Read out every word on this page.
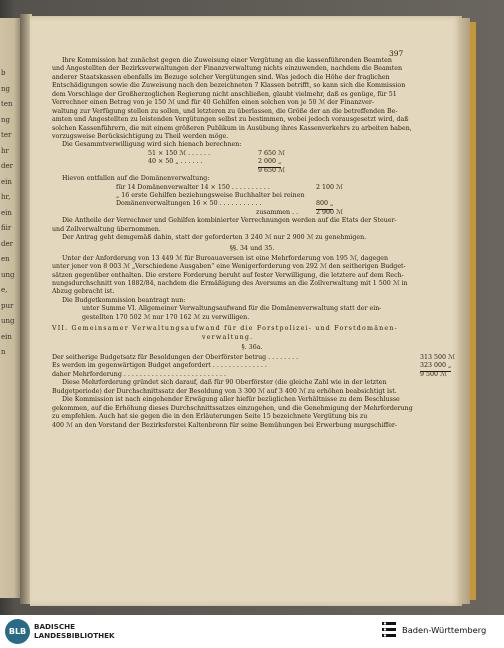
b
ng
ten
ng
ter
hr
der
ein
hr,
ein
fiir
der
en
ung
e,
pur
ung
ein
n
397
Ihre Kommission hat zunächst gegen die Zuweisung einer Vergütung an die kassenführenden Beamten
und Angestellten der Bezirksverwaltungen der Finanzverwaltung nichts einzuwenden, nachdem die Beamten
anderer Staatskassen ebenfalls im Bezuge solcher Vergütungen sind. Was jedoch die Höhe der fraglichen
Entschädigungen sowie die Zuweisung nach den bezeichneten 7 Klassen betrifft, so kann sich die Kommission
dem Vorschlage der Großherzoglichen Regierung nicht anschließen, glaubt vielmehr, daß es genüge, für 51
Verrechner einen Betrag von je 150 ℳ und für 40 Gehilfen einen solchen von je 50 ℳ der Finanzver-
waltung zur Verfügung stellen zu sollen, und letzteren zu überlassen, die Größe der an die betreffenden Be-
amten und Angestellten zu leistenden Vergütungen selbst zu bestimmen, wobei jedoch vorausgesetzt wird, daß
solchen Kassenführern, die mit einem größeren Publikum in Ausübung ihres Kassenverkehrs zu arbeiten haben,
vorzugsweise Berücksichtigung zu Theil werden möge.
Die Gesammtverwilligung wird sich hienach berechnen:
51 × 150 ℳ . . . . . .	7 650 ℳ
40 × 50 „ . . . . . .	2 000 „
9 650 ℳ
Hievon entfallen auf die Domänenverwaltung:
für 14 Domänenverwalter 14 × 150 . . . . . . . . . .	2 100 ℳ
„ 16 erste Gehilfen beziehungsweise Buchhalter bei reinen
Domänenverwaltungen 16 × 50 . . . . . . . . . . .	800 „
zusammen . .	2 900 ℳ
Die Antheile der Verrechner und Gehilfen kombinierter Verrechnungen werden auf die Etats der Steuer-
und Zollverwaltung übernommen.
Der Antrag geht demgemäß dahin, statt der geforderten 3 240 ℳ nur 2 900 ℳ zu genehmigen.
§§. 34 und 35.
Unter der Anforderung von 13 449 ℳ für Bureauaversen ist eine Mehrforderung von 195 ℳ, dagegen
unter jener von 8 003 ℳ „Verschiedene Ausgaben“ eine Wenigerforderung von 292 ℳ den seitherigen Budget-
sätzen gegenüber enthalten. Die erstere Forderung beruht auf fester Verwilligung, die letztere auf dem Rech-
nungsdurchschnitt von 1882/84, nachdem die Ermäßigung des Aversums an die Zollverwaltung mit 1 500 ℳ in
Abzug gebracht ist.
Die Budgetkommission beantragt nun:
unter Summe VI. Allgemeiner Verwaltungsaufwand für die Domänenverwaltung statt der ein-
gestellten 170 502 ℳ nur 170 162 ℳ zu verwilligen.
VII. Gemeinsamer Verwaltungsaufwand für die Forstpolizei- und Forstdomänen-
verwaltung.
§. 36a.
Der seitherige Budgetsatz für Besoldungen der Oberförster betrug . . . . . . . .	313 500 ℳ
Es werden im gegenwärtigen Budget angefordert . . . . . . . . . . . . . .	323 000 „
daher Mehrforderung . . . . . . . . . . . . . . . . . . . . . . . . . .	9 500 ℳ
Diese Mehrforderung gründet sich darauf, daß für 90 Oberförster (die gleiche Zahl wie in der letzten
Budgetperiode) der Durchschnittssatz der Besoldung von 3 300 ℳ auf 3 400 ℳ zu erhöhen beabsichtigt ist.
Die Kommission ist nach eingehender Erwägung aller hiefür bezüglichen Verhältnisse zu dem Beschlusse
gekommen, auf die Erhöhung dieses Durchschnittssatzes einzugehen, und die Genehmigung der Mehrforderung
zu empfehlen. Auch hat sie gegen die in den Erläuterungen Seite 15 bezeichnete Vergütung bis zu
400 ℳ an den Vorstand der Bezirksforstei Kaltenbronn für seine Bemühungen bei Erwerbung murgschiffer-
BLB
BADISCHE
LANDESBIBLIOTHEK
Baden-Württemberg
